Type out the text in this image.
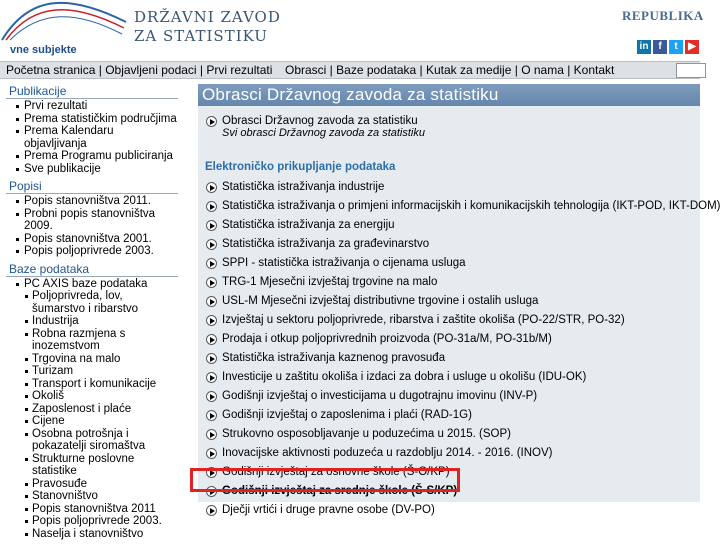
DRŽAVNI ZAVOD
ZA STATISTIKU
vne subjekte
REPUBLIKA
in f	t	▶
Početna stranica | Objavljeni podaci | Prvi rezultati Obrasci | Baze podataka | Kutak za medije | O nama | Kontakt
Publikacije
Prvi rezultati
Prema statističkim područjima
Prema Kalendaru objavljivanja
Prema Programu publiciranja
Sve publikacije
Popisi
Popis stanovništva 2011.
Probni popis stanovništva 2009.
Popis stanovništva 2001.
Popis poljoprivrede 2003.
Baze podataka
PC AXIS baze podataka
Poljoprivreda, lov, šumarstvo i ribarstvo
Industrija
Robna razmjena s inozemstvom
Trgovina na malo
Turizam
Transport i komunikacije
Okoliš
Zaposlenost i plaće
Cijene
Osobna potrošnja i pokazatelji siromaštva
Strukturne poslovne statistike
Pravosuđe
Stanovništvo
Popis stanovništva 2011
Popis poljoprivrede 2003.
Naselja i stanovništvo
Obrasci Državnog zavoda za statistiku
Obrasci Državnog zavoda za statistiku
Svi obrasci Državnog zavoda za statistiku
Elektroničko prikupljanje podataka
Statistička istraživanja industrije
Statistička istraživanja o primjeni informacijskih i komunikacijskih tehnologija (IKT-POD, IKT-DOM)
Statistička istraživanja za energiju
Statistička istraživanja za građevinarstvo
SPPI - statistička istraživanja o cijenama usluga
TRG-1 Mjesečni izvještaj trgovine na malo
USL-M Mjesečni izvještaj distributivne trgovine i ostalih usluga
Izvještaj u sektoru poljoprivrede, ribarstva i zaštite okoliša (PO-22/STR, PO-32)
Prodaja i otkup poljoprivrednih proizvoda (PO-31a/M, PO-31b/M)
Statistička istraživanja kaznenog pravosuđa
Investicije u zaštitu okoliša i izdaci za dobra i usluge u okolišu (IDU-OK)
Godišnji izvještaj o investicijama u dugotrajnu imovinu (INV-P)
Godišnji izvještaj o zaposlenima i plaći (RAD-1G)
Strukovno osposobljavanje u poduzećima u 2015. (SOP)
Inovacijske aktivnosti poduzeća u razdoblju 2014. - 2016. (INOV)
Godišnji izvještaj za osnovne škole (Š-O/KP)
Godišnji izvještaj za srednje škole (Š-S/KP)
Dječji vrtići i druge pravne osobe (DV-PO)
